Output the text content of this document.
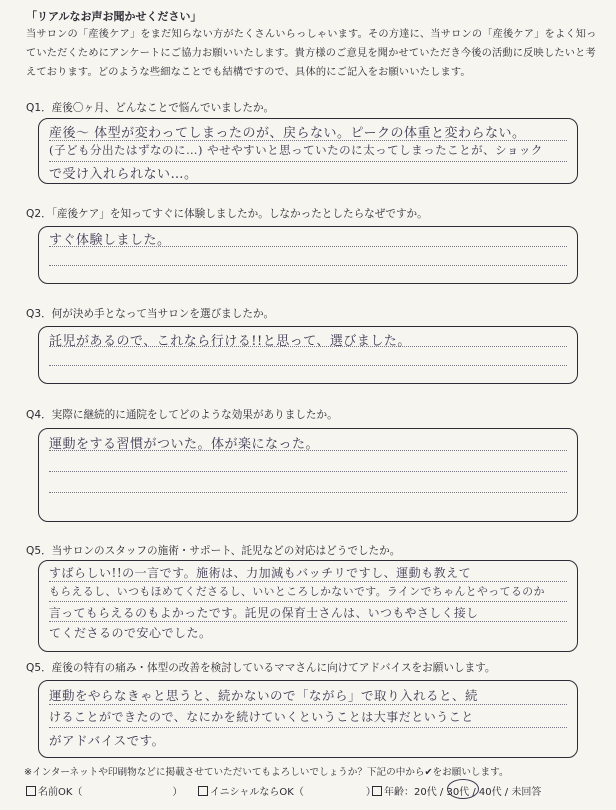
「リアルなお声お聞かせください」
当サロンの「産後ケア」をまだ知らない方がたくさんいらっしゃいます。その方達に、当サロンの「産後ケア」をよく知っていただくためにアンケートにご協力お願いいたします。貴方様のご意見を聞かせていただき今後の活動に反映したいと考えております。どのような些細なことでも結構ですので、具体的にご記入をお願いいたします。
Q1．産後〇ヶ月、どんなことで悩んでいましたか。
産後～ 体型が変わってしまったのが、戻らない。ピークの体重と変わらない。
(子ども分出たはずなのに…) やせやすいと思っていたのに太ってしまったことが、ショック
で受け入れられない…。
Q2．「産後ケア」を知ってすぐに体験しましたか。しなかったとしたらなぜですか。
すぐ体験しました。
Q3．何が決め手となって当サロンを選びましたか。
託児があるので、これなら行ける!!と思って、選びました。
Q4．実際に継続的に通院をしてどのような効果がありましたか。
運動をする習慣がついた。体が楽になった。
Q5．当サロンのスタッフの施術・サポート、託児などの対応はどうでしたか。
すばらしい!!の一言です。施術は、力加減もバッチリですし、運動も教えて
もらえるし、いつもほめてくださるし、いいところしかないです。ラインでちゃんとやってるのか
言ってもらえるのもよかったです。託児の保育士さんは、いつもやさしく接し
てくださるので安心でした。
Q5．産後の特有の痛み・体型の改善を検討しているママさんに向けてアドバイスをお願いします。
運動をやらなきゃと思うと、続かないので「ながら」で取り入れると、続
けることができたので、なにかを続けていくということは大事だということ
がアドバイスです。
※インターネットや印刷物などに掲載させていただいてもよろしいでしょうか？下記の中から✔をお願いします。
名前OK（	）	イニシャルならOK（	） 年齢：20代 / 30代 / 40代 / 未回答
